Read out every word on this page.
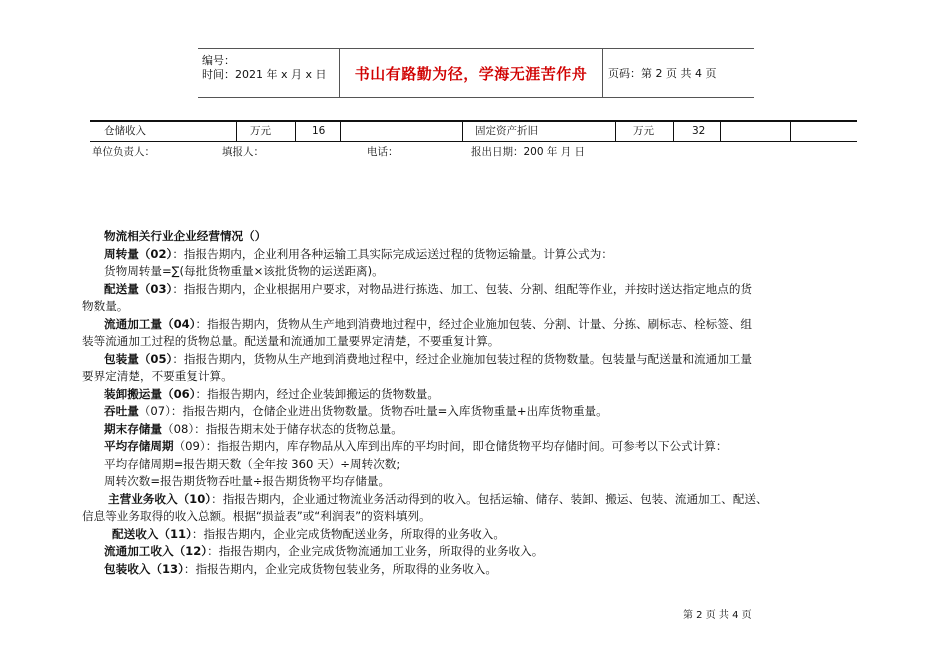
编号：
时间：2021 年 x 月 x 日	书山有路勤为径，学海无涯苦作舟	页码：第 2 页 共 4 页
仓储收入	万元	16	固定资产折旧	万元	32
单位负责人：	填报人：	电话：	报出日期：200 年 月 日

物流相关行业企业经营情况（）

周转量（02）：指报告期内，企业利用各种运输工具实际完成运送过程的货物运输量。计算公式为：

货物周转量=∑(每批货物重量×该批货物的运送距离)。

配送量（03）：指报告期内，企业根据用户要求，对物品进行拣选、加工、包装、分割、组配等作业，并按时送达指定地点的货

物数量。

流通加工量（04）：指报告期内，货物从生产地到消费地过程中，经过企业施加包装、分割、计量、分拣、刷标志、栓标签、组

装等流通加工过程的货物总量。配送量和流通加工量要界定清楚，不要重复计算。

包装量（05）：指报告期内，货物从生产地到消费地过程中，经过企业施加包装过程的货物数量。包装量与配送量和流通加工量

要界定清楚，不要重复计算。

装卸搬运量（06）：指报告期内，经过企业装卸搬运的货物数量。

吞吐量（07）：指报告期内，仓储企业进出货物数量。货物吞吐量=入库货物重量+出库货物重量。

期末存储量（08）：指报告期末处于储存状态的货物总量。

平均存储周期（09）：指报告期内，库存物品从入库到出库的平均时间，即仓储货物平均存储时间。可参考以下公式计算：

平均存储周期=报告期天数（全年按 360 天）÷周转次数;

周转次数=报告期货物吞吐量÷报告期货物平均存储量。

主营业务收入（10）：指报告期内，企业通过物流业务活动得到的收入。包括运输、储存、装卸、搬运、包装、流通加工、配送、

信息等业务取得的收入总额。根据“损益表”或“利润表”的资料填列。

配送收入（11）：指报告期内，企业完成货物配送业务，所取得的业务收入。

流通加工收入（12）：指报告期内，企业完成货物流通加工业务，所取得的业务收入。

包装收入（13）：指报告期内，企业完成货物包装业务，所取得的业务收入。

第 2 页 共 4 页
